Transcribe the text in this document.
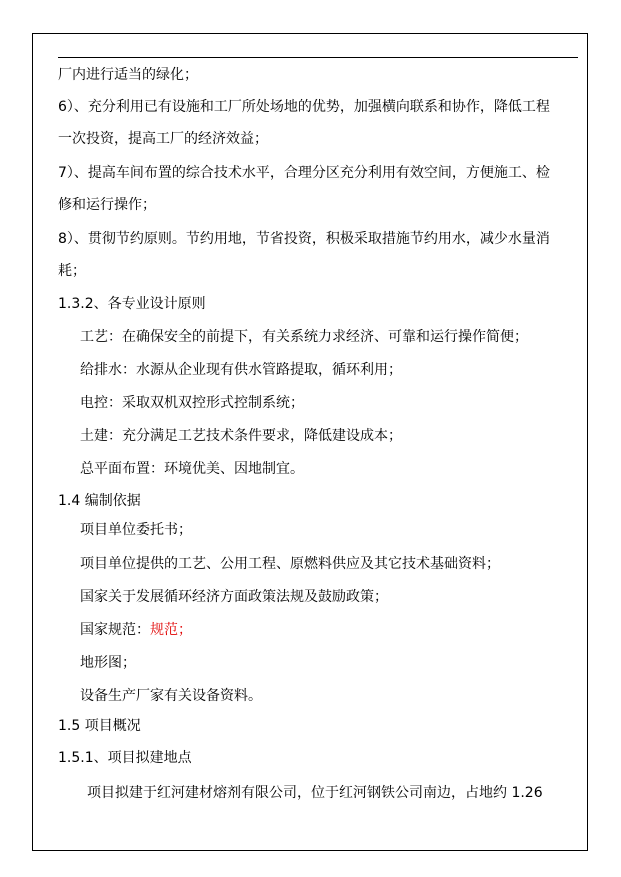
厂内进行适当的绿化；
6）、充分利用已有设施和工厂所处场地的优势，加强横向联系和协作，降低工程
一次投资，提高工厂的经济效益；
7）、提高车间布置的综合技术水平，合理分区充分利用有效空间，方便施工、检
修和运行操作；
8）、贯彻节约原则。节约用地，节省投资，积极采取措施节约用水，减少水量消
耗；
1.3.2、各专业设计原则
工艺：在确保安全的前提下，有关系统力求经济、可靠和运行操作简便；
给排水：水源从企业现有供水管路提取，循环利用；
电控：采取双机双控形式控制系统；
土建：充分满足工艺技术条件要求，降低建设成本；
总平面布置：环境优美、因地制宜。
1.4 编制依据
项目单位委托书；
项目单位提供的工艺、公用工程、原燃料供应及其它技术基础资料；
国家关于发展循环经济方面政策法规及鼓励政策；
国家规范：规范；
地形图；
设备生产厂家有关设备资料。
1.5 项目概况
1.5.1、项目拟建地点
项目拟建于红河建材熔剂有限公司，位于红河钢铁公司南边，占地约 1.26
